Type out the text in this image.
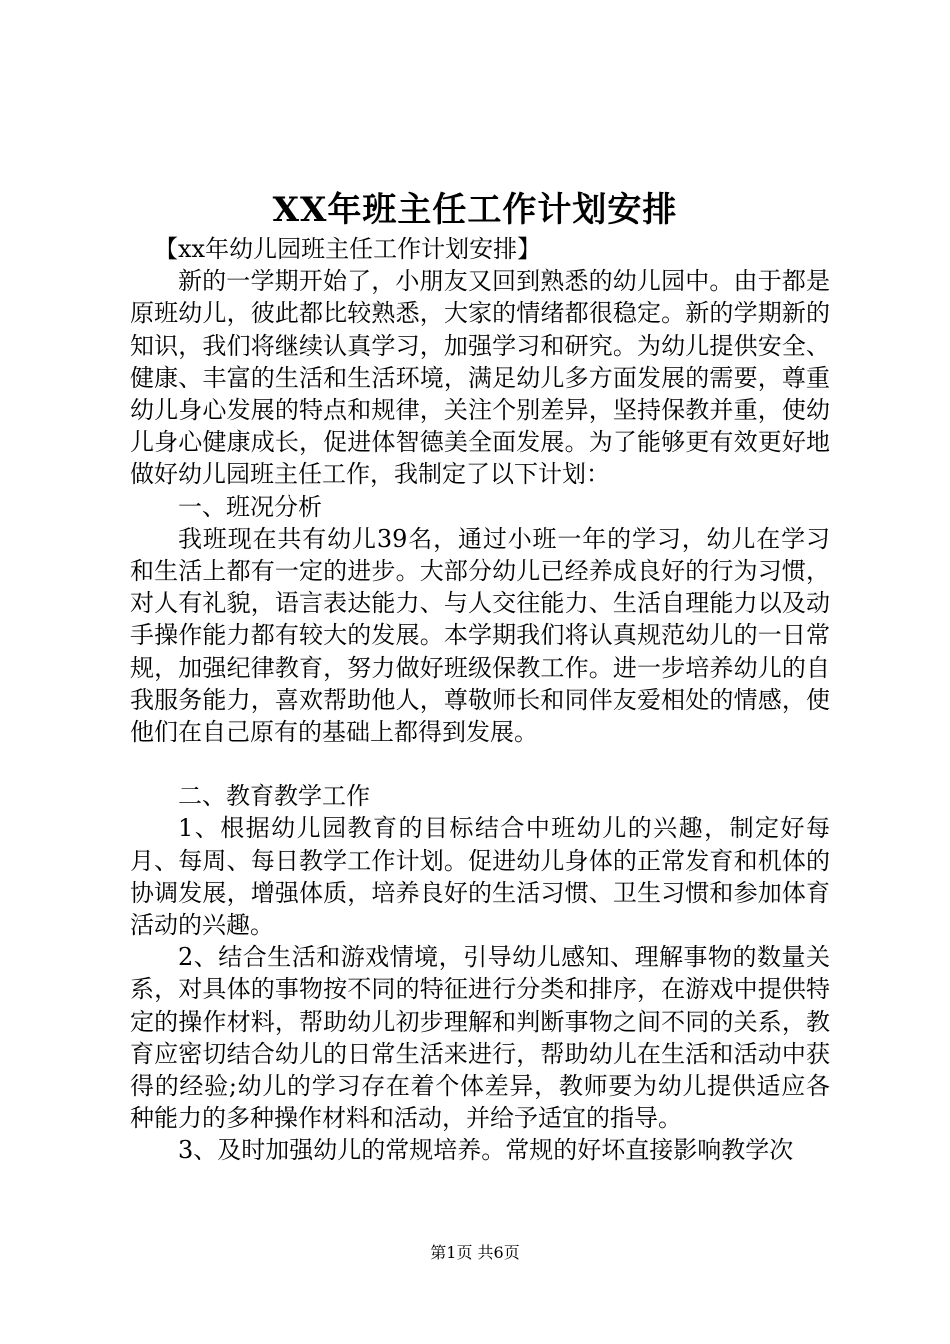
XX年班主任工作计划安排

【xx年幼儿园班主任工作计划安排】

新的一学期开始了，小朋友又回到熟悉的幼儿园中。由于都是原班幼儿，彼此都比较熟悉，大家的情绪都很稳定。新的学期新的知识，我们将继续认真学习，加强学习和研究。为幼儿提供安全、健康、丰富的生活和生活环境，满足幼儿多方面发展的需要，尊重幼儿身心发展的特点和规律，关注个别差异，坚持保教并重，使幼儿身心健康成长，促进体智德美全面发展。为了能够更有效更好地做好幼儿园班主任工作，我制定了以下计划：

一、班况分析

我班现在共有幼儿39名，通过小班一年的学习，幼儿在学习和生活上都有一定的进步。大部分幼儿已经养成良好的行为习惯，对人有礼貌，语言表达能力、与人交往能力、生活自理能力以及动手操作能力都有较大的发展。本学期我们将认真规范幼儿的一日常规，加强纪律教育，努力做好班级保教工作。进一步培养幼儿的自我服务能力，喜欢帮助他人，尊敬师长和同伴友爱相处的情感，使他们在自己原有的基础上都得到发展。

二、教育教学工作

1、根据幼儿园教育的目标结合中班幼儿的兴趣，制定好每月、每周、每日教学工作计划。促进幼儿身体的正常发育和机体的协调发展，增强体质，培养良好的生活习惯、卫生习惯和参加体育活动的兴趣。

2、结合生活和游戏情境，引导幼儿感知、理解事物的数量关系，对具体的事物按不同的特征进行分类和排序，在游戏中提供特定的操作材料，帮助幼儿初步理解和判断事物之间不同的关系，教育应密切结合幼儿的日常生活来进行，帮助幼儿在生活和活动中获得的经验;幼儿的学习存在着个体差异，教师要为幼儿提供适应各种能力的多种操作材料和活动，并给予适宜的指导。

3、及时加强幼儿的常规培养。常规的好坏直接影响教学次

第1页 共6页
